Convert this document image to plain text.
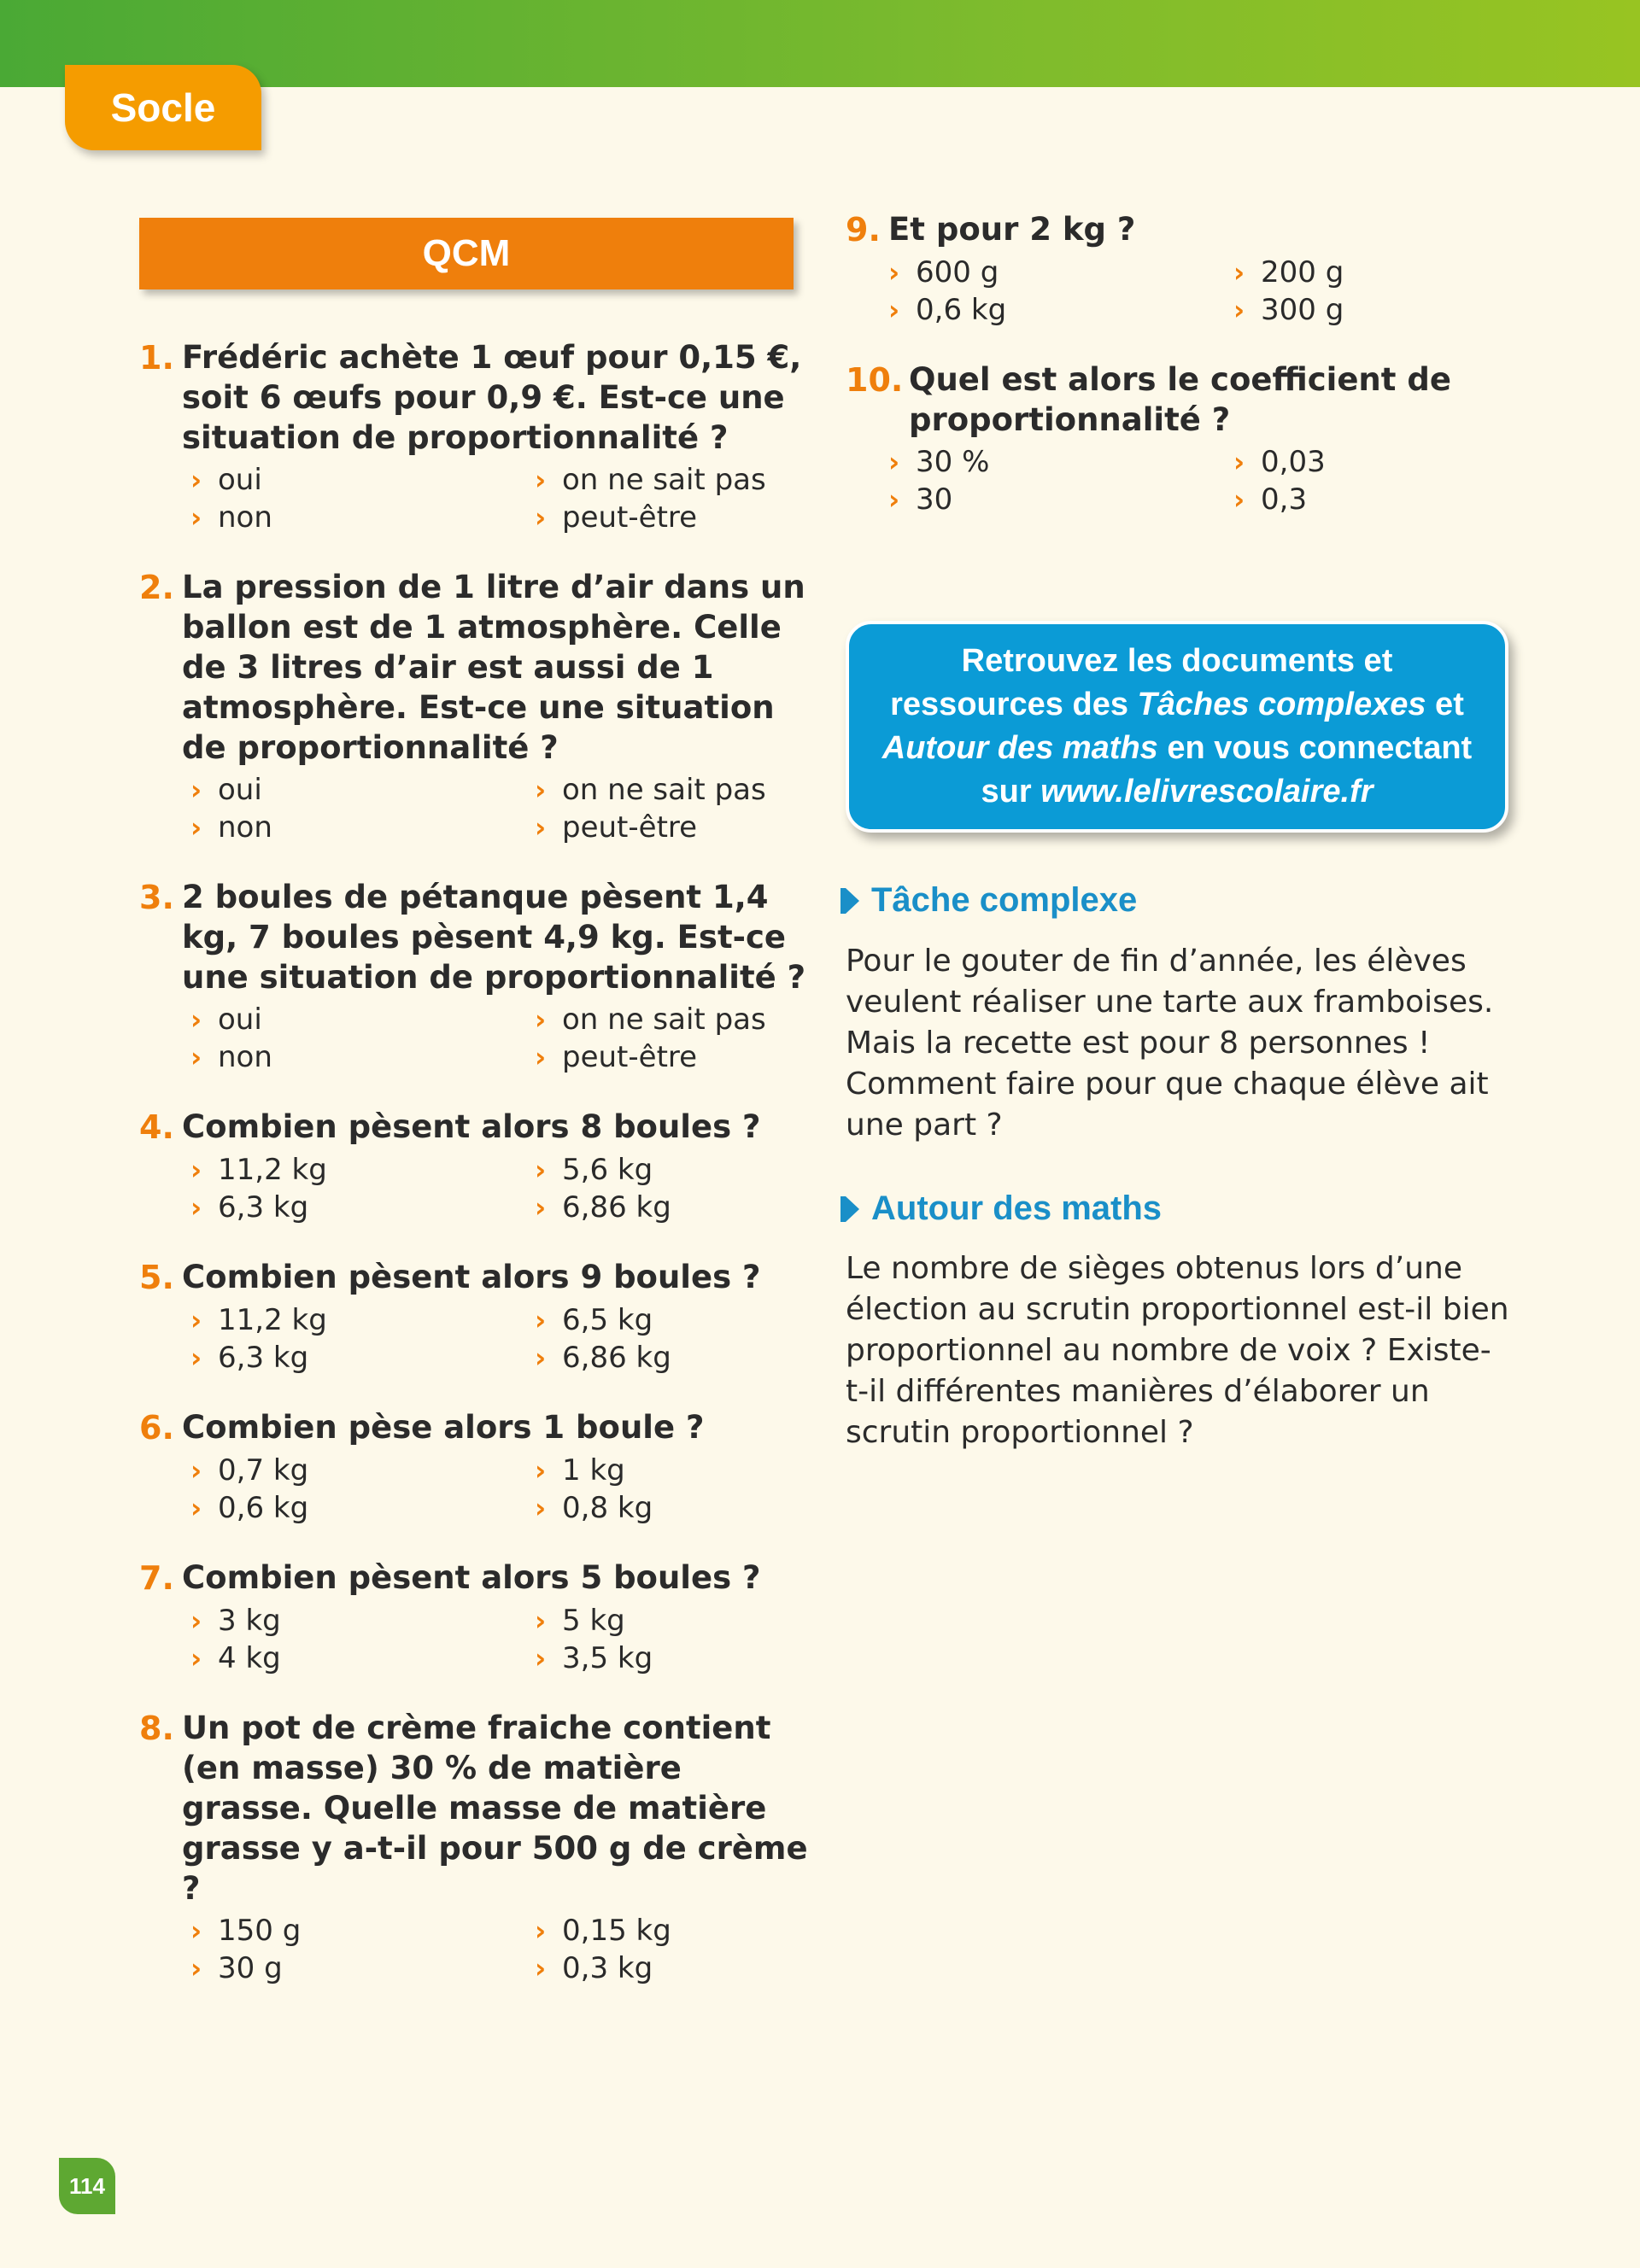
Socle
QCM
1. Frédéric achète 1 œuf pour 0,15 €, soit 6 œufs pour 0,9 €. Est-ce une situation de proportionnalité ?
› oui	› on ne sait pas
› non	› peut-être
2. La pression de 1 litre d’air dans un ballon est de 1 atmosphère. Celle de 3 litres d’air est aussi de 1 atmosphère. Est-ce une situation de proportionnalité ?
› oui	› on ne sait pas
› non	› peut-être
3. 2 boules de pétanque pèsent 1,4 kg, 7 boules pèsent 4,9 kg. Est-ce une situation de proportionnalité ?
› oui	› on ne sait pas
› non	› peut-être
4. Combien pèsent alors 8 boules ?
› 11,2 kg	› 5,6 kg
› 6,3 kg	› 6,86 kg
5. Combien pèsent alors 9 boules ?
› 11,2 kg	› 6,5 kg
› 6,3 kg	› 6,86 kg
6. Combien pèse alors 1 boule ?
› 0,7 kg	› 1 kg
› 0,6 kg	› 0,8 kg
7. Combien pèsent alors 5 boules ?
› 3 kg	› 5 kg
› 4 kg	› 3,5 kg
8. Un pot de crème fraiche contient (en masse) 30 % de matière grasse. Quelle masse de matière grasse y a-t-il pour 500 g de crème ?
› 150 g	› 0,15 kg
› 30 g	› 0,3 kg
9. Et pour 2 kg ?
› 600 g	› 200 g
› 0,6 kg	› 300 g
10. Quel est alors le coefficient de proportionnalité ?
› 30 %	› 0,03
› 30	› 0,3
Retrouvez les documents et
ressources des Tâches complexes et
Autour des maths en vous connectant
sur www.lelivrescolaire.fr
Tâche complexe
Pour le gouter de fin d’année, les élèves veulent réaliser une tarte aux framboises. Mais la recette est pour 8 personnes ! Comment faire pour que chaque élève ait une part ?
Autour des maths
Le nombre de sièges obtenus lors d’une élection au scrutin proportionnel est-il bien proportionnel au nombre de voix ? Existe-t-il différentes manières d’élaborer un scrutin proportionnel ?
114
